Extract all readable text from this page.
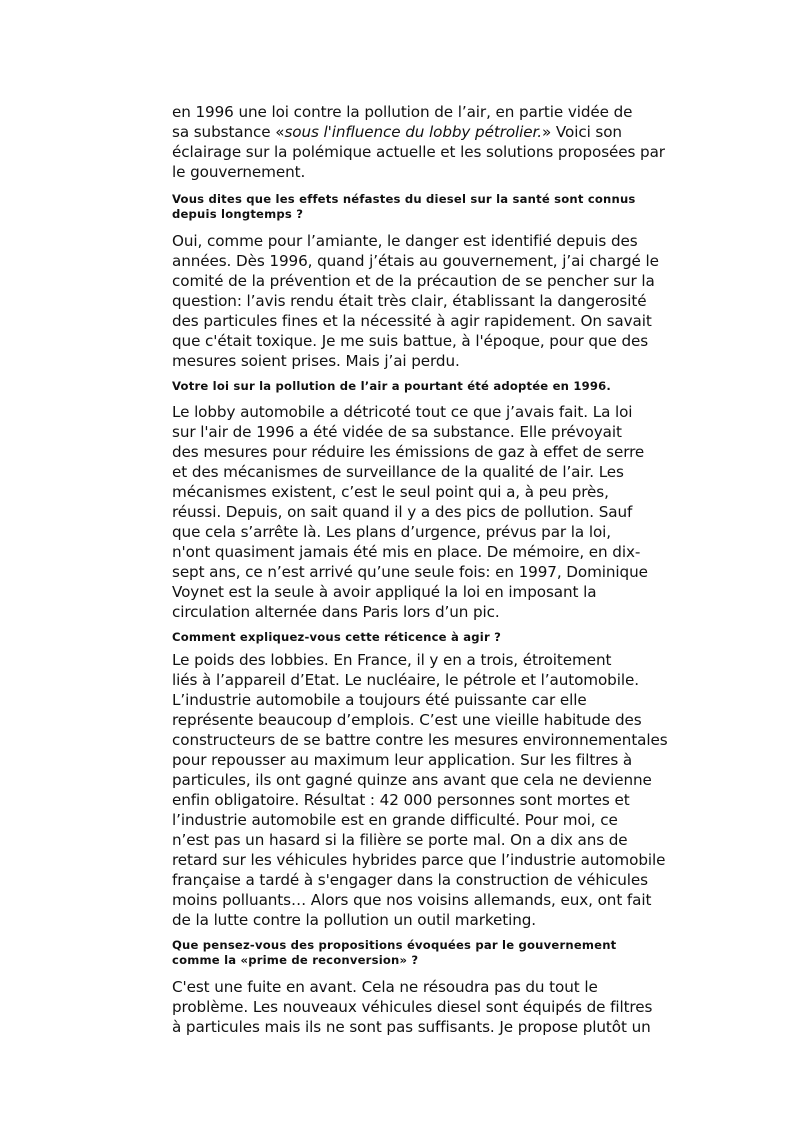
en 1996 une loi contre la pollution de l’air, en partie vidée de
sa substance «sous l'influence du lobby pétrolier.» Voici son
éclairage sur la polémique actuelle et les solutions proposées par
le gouvernement.

Vous dites que les effets néfastes du diesel sur la santé sont connus
depuis longtemps ?

Oui, comme pour l’amiante, le danger est identifié depuis des
années. Dès 1996, quand j’étais au gouvernement, j’ai chargé le
comité de la prévention et de la précaution de se pencher sur la
question: l’avis rendu était très clair, établissant la dangerosité
des particules fines et la nécessité à agir rapidement. On savait
que c'était toxique. Je me suis battue, à l'époque, pour que des
mesures soient prises. Mais j’ai perdu.

Votre loi sur la pollution de l’air a pourtant été adoptée en 1996.

Le lobby automobile a détricoté tout ce que j’avais fait. La loi
sur l'air de 1996 a été vidée de sa substance. Elle prévoyait
des mesures pour réduire les émissions de gaz à effet de serre
et des mécanismes de surveillance de la qualité de l’air. Les
mécanismes existent, c’est le seul point qui a, à peu près,
réussi. Depuis, on sait quand il y a des pics de pollution. Sauf
que cela s’arrête là. Les plans d’urgence, prévus par la loi,
n'ont quasiment jamais été mis en place. De mémoire, en dix-
sept ans, ce n’est arrivé qu’une seule fois: en 1997, Dominique
Voynet est la seule à avoir appliqué la loi en imposant la
circulation alternée dans Paris lors d’un pic.

Comment expliquez-vous cette réticence à agir ?

Le poids des lobbies. En France, il y en a trois, étroitement
liés à l’appareil d’Etat. Le nucléaire, le pétrole et l’automobile.
L’industrie automobile a toujours été puissante car elle
représente beaucoup d’emplois. C’est une vieille habitude des
constructeurs de se battre contre les mesures environnementales
pour repousser au maximum leur application. Sur les filtres à
particules, ils ont gagné quinze ans avant que cela ne devienne
enfin obligatoire. Résultat : 42 000 personnes sont mortes et
l’industrie automobile est en grande difficulté. Pour moi, ce
n’est pas un hasard si la filière se porte mal. On a dix ans de
retard sur les véhicules hybrides parce que l’industrie automobile
française a tardé à s'engager dans la construction de véhicules
moins polluants… Alors que nos voisins allemands, eux, ont fait
de la lutte contre la pollution un outil marketing.

Que pensez-vous des propositions évoquées par le gouvernement
comme la «prime de reconversion» ?

C'est une fuite en avant. Cela ne résoudra pas du tout le
problème. Les nouveaux véhicules diesel sont équipés de filtres
à particules mais ils ne sont pas suffisants. Je propose plutôt un
